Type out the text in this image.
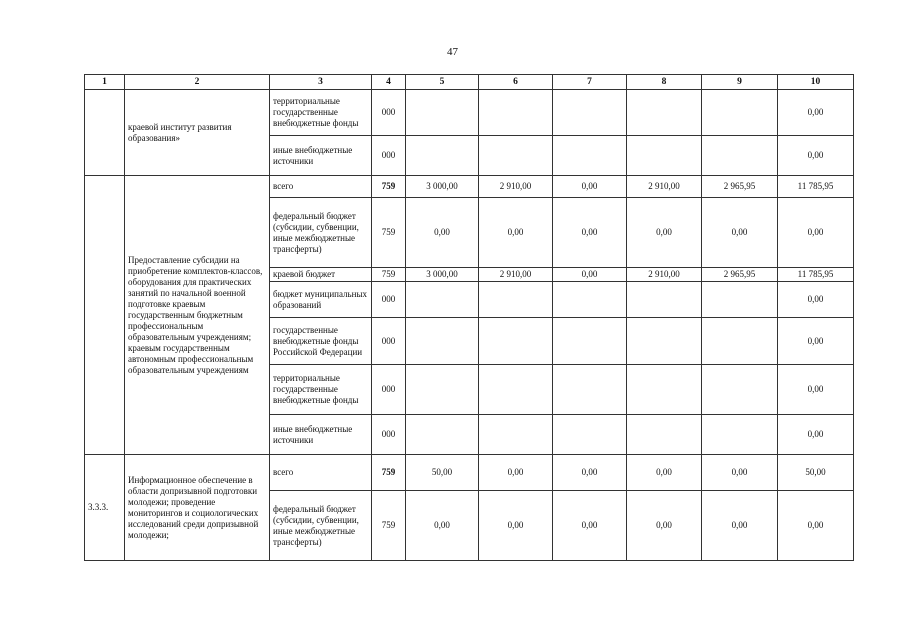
47
1	2	3	4	5	6	7	8	9	10
	краевой институт развития образования»	территориальные государственные внебюджетные фонды	000						0,00
		иные внебюджетные источники	000						0,00
	Предоставление субсидии на приобретение комплектов-классов, оборудования для практических занятий по начальной военной подготовке краевым государственным бюджетным профессиональным образовательным учреждениям; краевым государственным автономным профессиональным образовательным учреждениям	всего	759	3 000,00	2 910,00	0,00	2 910,00	2 965,95	11 785,95
		федеральный бюджет (субсидии, субвенции, иные межбюджетные трансферты)	759	0,00	0,00	0,00	0,00	0,00	0,00
		краевой бюджет	759	3 000,00	2 910,00	0,00	2 910,00	2 965,95	11 785,95
		бюджет муниципальных образований	000						0,00
		государственные внебюджетные фонды Российской Федерации	000						0,00
		территориальные государственные внебюджетные фонды	000						0,00
		иные внебюджетные источники	000						0,00
3.3.3.	Информационное обеспечение в области допризывной подготовки молодежи; проведение мониторингов и социологических исследований среди допризывной молодежи;	всего	759	50,00	0,00	0,00	0,00	0,00	50,00
		федеральный бюджет (субсидии, субвенции, иные межбюджетные трансферты)	759	0,00	0,00	0,00	0,00	0,00	0,00
